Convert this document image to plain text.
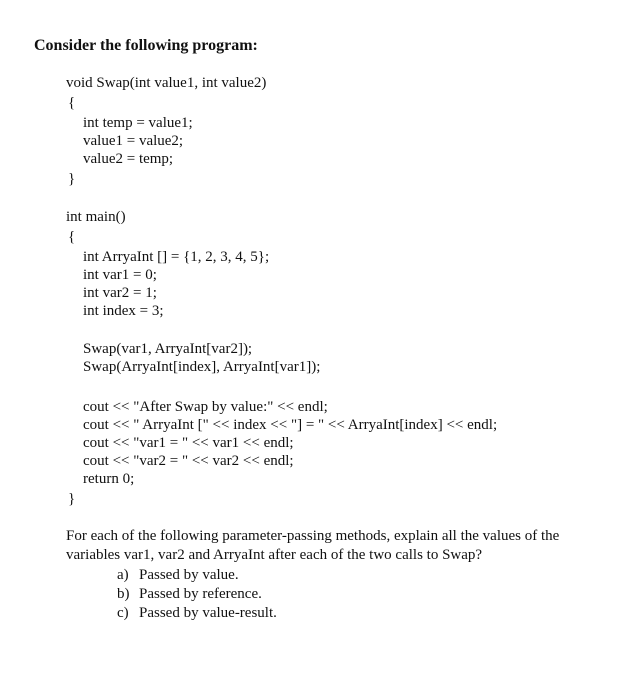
Consider the following program:
void Swap(int value1, int value2)
{
int temp = value1;
value1 = value2;
value2 = temp;
}
int main()
{
int ArryaInt [] = {1, 2, 3, 4, 5};
int var1 = 0;
int var2 = 1;
int index = 3;
Swap(var1, ArryaInt[var2]);
Swap(ArryaInt[index], ArryaInt[var1]);
cout << "After Swap by value:" << endl;
cout << " ArryaInt [" << index << "] = " << ArryaInt[index] << endl;
cout << "var1 = " << var1 << endl;
cout << "var2 = " << var2 << endl;
return 0;
}

For each of the following parameter-passing methods, explain all the values of the variables var1, var2 and ArryaInt after each of the two calls to Swap?

a) Passed by value.
b) Passed by reference.
c) Passed by value-result.
